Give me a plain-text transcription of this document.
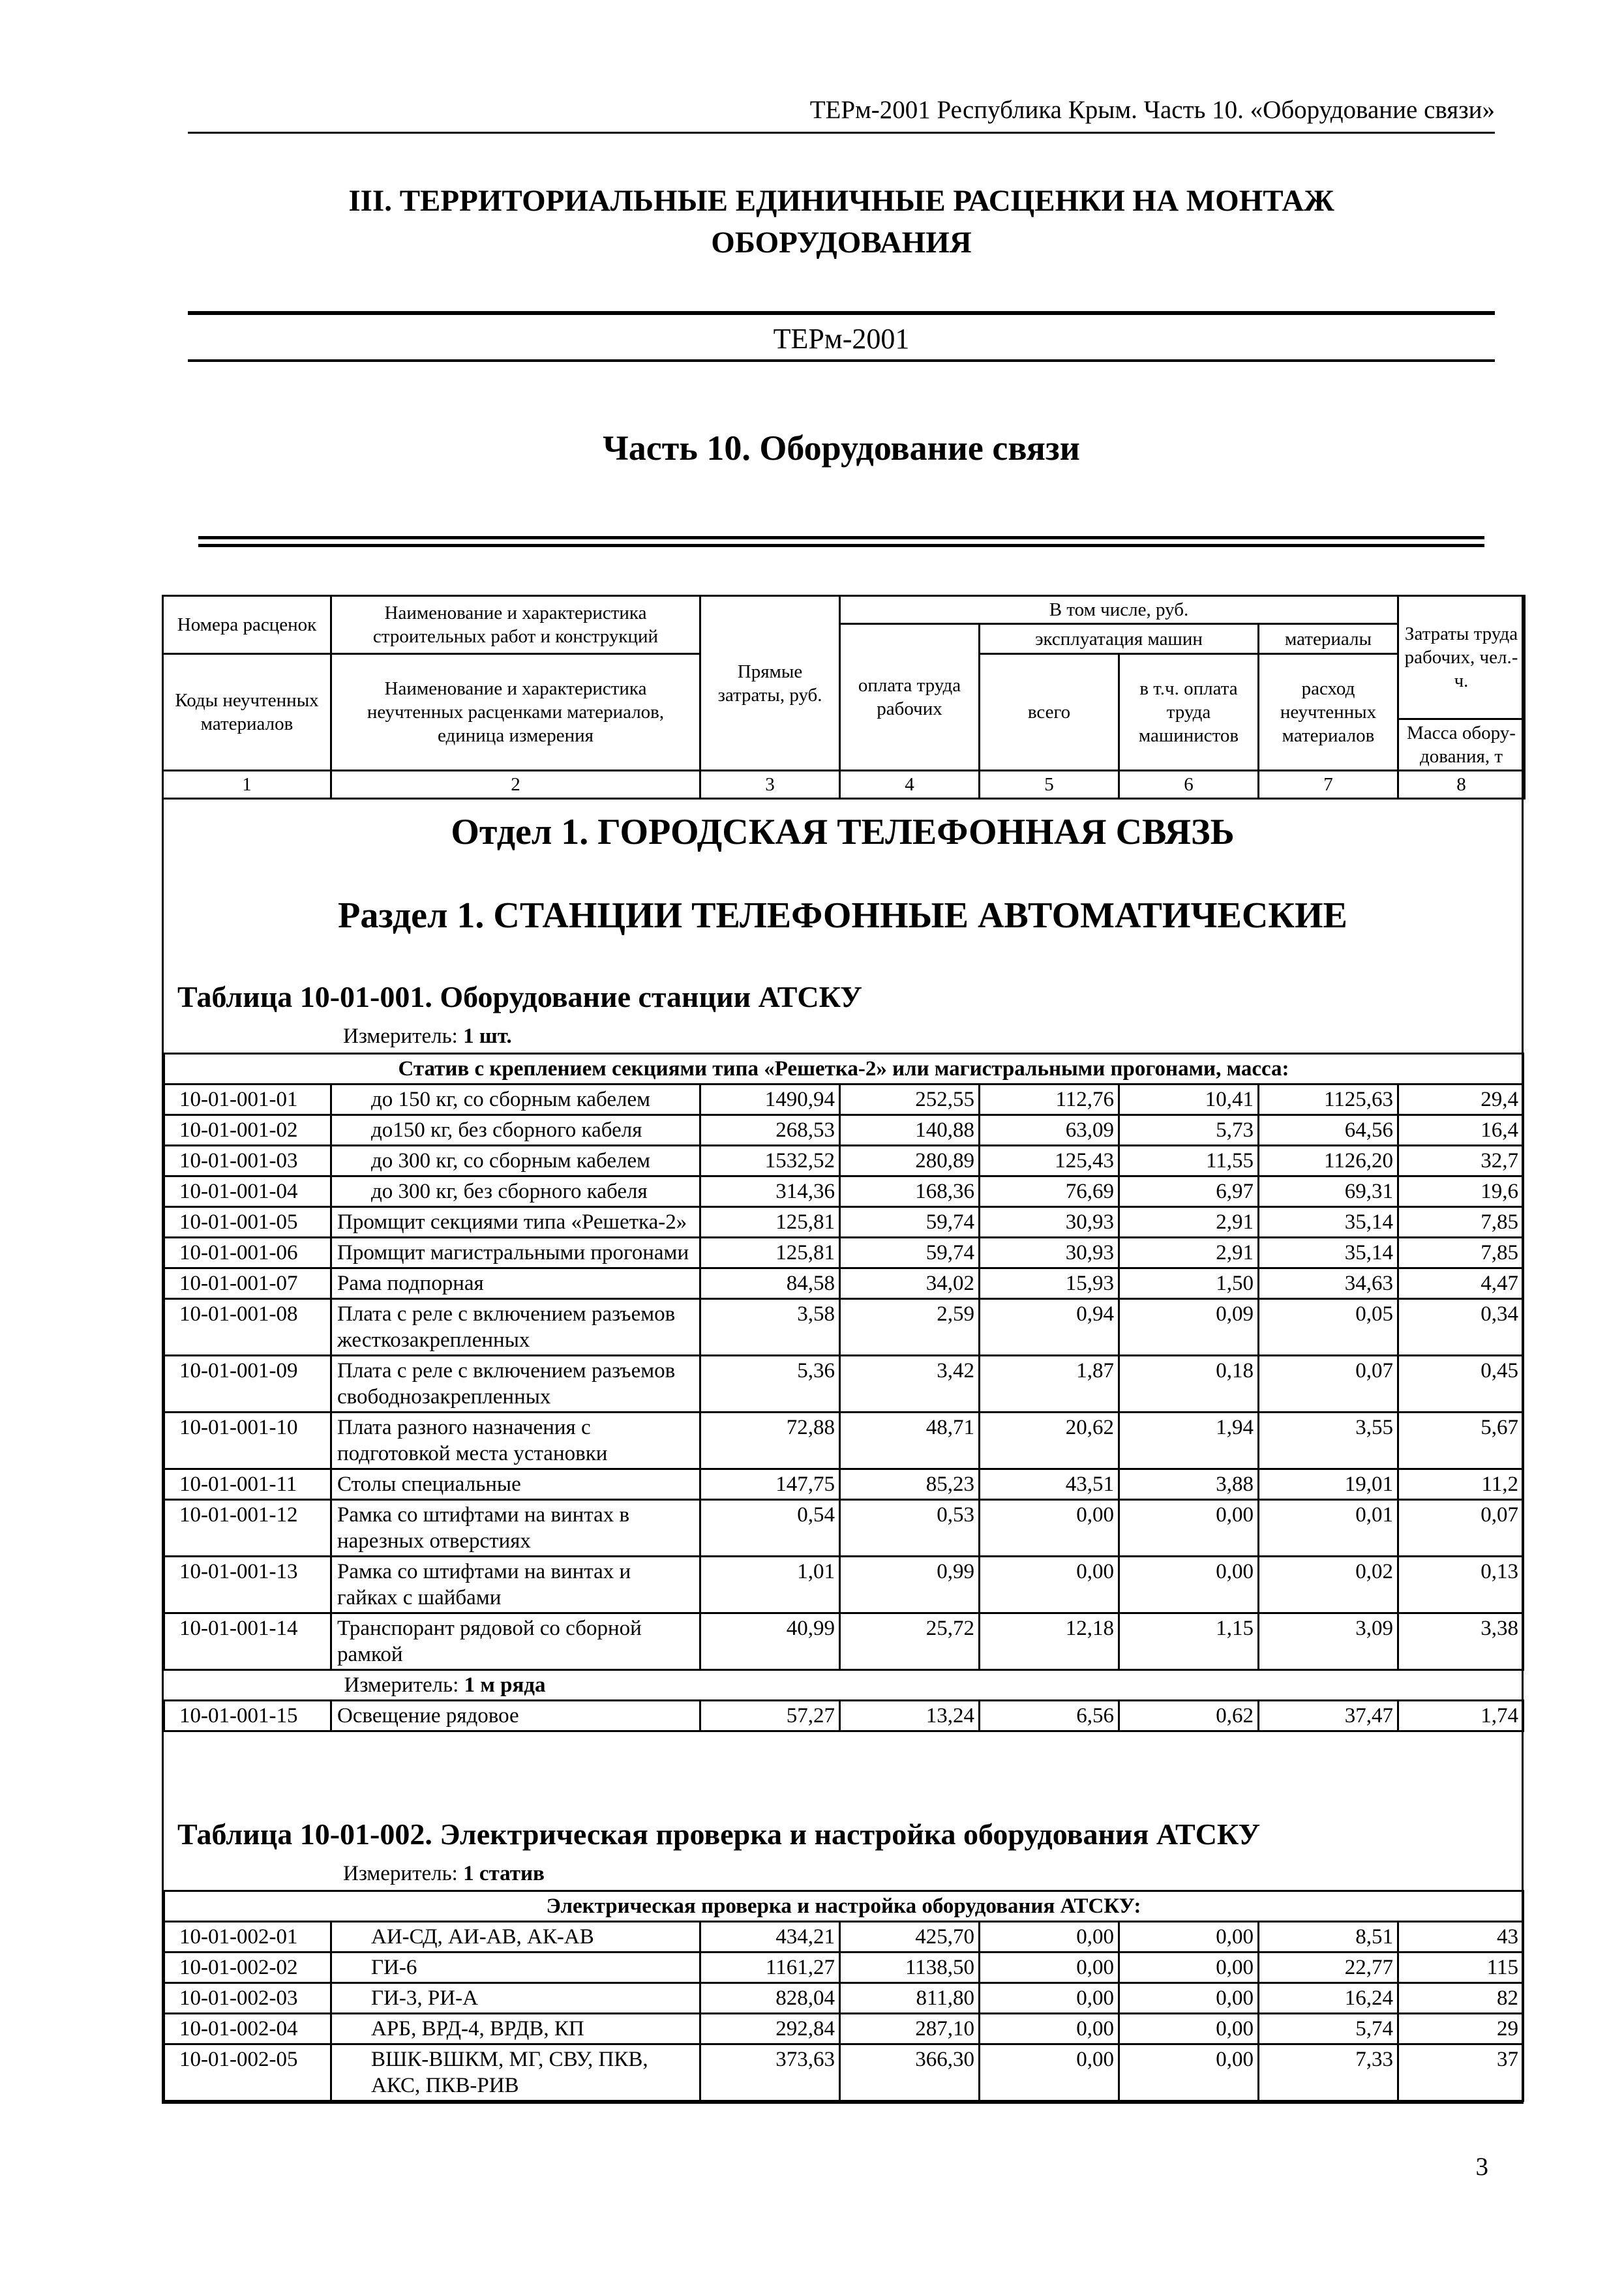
ТЕРм-2001 Республика Крым. Часть 10. «Оборудование связи»
III. ТЕРРИТОРИАЛЬНЫЕ ЕДИНИЧНЫЕ РАСЦЕНКИ НА МОНТАЖ
ОБОРУДОВАНИЯ
ТЕРм-2001
Часть 10. Оборудование связи
Номера расценок	Наименование и характеристика строительных работ и конструкций	Прямые затраты, руб.	В том числе, руб.				Затраты труда рабочих, чел.-ч.
			оплата труда рабочих	эксплуатация машин		материалы	
Коды неучтенных материалов	Наименование и характеристика неучтенных расценками материалов, единица измерения			всего	в т.ч. оплата труда машинистов	расход неучтенных материалов	
							Масса обору-дования, т
1	2	3	4	5	6	7	8
Отдел 1. ГОРОДСКАЯ ТЕЛЕФОННАЯ СВЯЗЬ
Раздел 1. СТАНЦИИ ТЕЛЕФОННЫЕ АВТОМАТИЧЕСКИЕ
Таблица 10-01-001. Оборудование станции АТСКУ
Измеритель: 1 шт.
Статив с креплением секциями типа «Решетка-2» или магистральными прогонами, масса:							
10-01-001-01	до 150 кг, со сборным кабелем	1490,94	252,55	112,76	10,41	1125,63	29,4
10-01-001-02	до150 кг, без сборного кабеля	268,53	140,88	63,09	5,73	64,56	16,4
10-01-001-03	до 300 кг, со сборным кабелем	1532,52	280,89	125,43	11,55	1126,20	32,7
10-01-001-04	до 300 кг, без сборного кабеля	314,36	168,36	76,69	6,97	69,31	19,6
10-01-001-05	Промщит секциями типа «Решетка-2»	125,81	59,74	30,93	2,91	35,14	7,85
10-01-001-06	Промщит магистральными прогонами	125,81	59,74	30,93	2,91	35,14	7,85
10-01-001-07	Рама подпорная	84,58	34,02	15,93	1,50	34,63	4,47
10-01-001-08	Плата с реле с включением разъемов жесткозакрепленных	3,58	2,59	0,94	0,09	0,05	0,34
10-01-001-09	Плата с реле с включением разъемов свободнозакрепленных	5,36	3,42	1,87	0,18	0,07	0,45
10-01-001-10	Плата разного назначения с подготовкой места установки	72,88	48,71	20,62	1,94	3,55	5,67
10-01-001-11	Столы специальные	147,75	85,23	43,51	3,88	19,01	11,2
10-01-001-12	Рамка со штифтами на винтах в нарезных отверстиях	0,54	0,53	0,00	0,00	0,01	0,07
10-01-001-13	Рамка со штифтами на винтах и гайках с шайбами	1,01	0,99	0,00	0,00	0,02	0,13
10-01-001-14	Транспорант рядовой со сборной рамкой	40,99	25,72	12,18	1,15	3,09	3,38
Измеритель: 1 м ряда							
10-01-001-15	Освещение рядовое	57,27	13,24	6,56	0,62	37,47	1,74
Таблица 10-01-002. Электрическая проверка и настройка оборудования АТСКУ
Измеритель: 1 статив
Электрическая проверка и настройка оборудования АТСКУ:							
10-01-002-01	АИ-СД, АИ-АВ, АК-АВ	434,21	425,70	0,00	0,00	8,51	43
10-01-002-02	ГИ-6	1161,27	1138,50	0,00	0,00	22,77	115
10-01-002-03	ГИ-3, РИ-А	828,04	811,80	0,00	0,00	16,24	82
10-01-002-04	АРБ, ВРД-4, ВРДВ, КП	292,84	287,10	0,00	0,00	5,74	29
10-01-002-05	ВШК-ВШКМ, МГ, СВУ, ПКВ, АКС, ПКВ-РИВ	373,63	366,30	0,00	0,00	7,33	37
3
